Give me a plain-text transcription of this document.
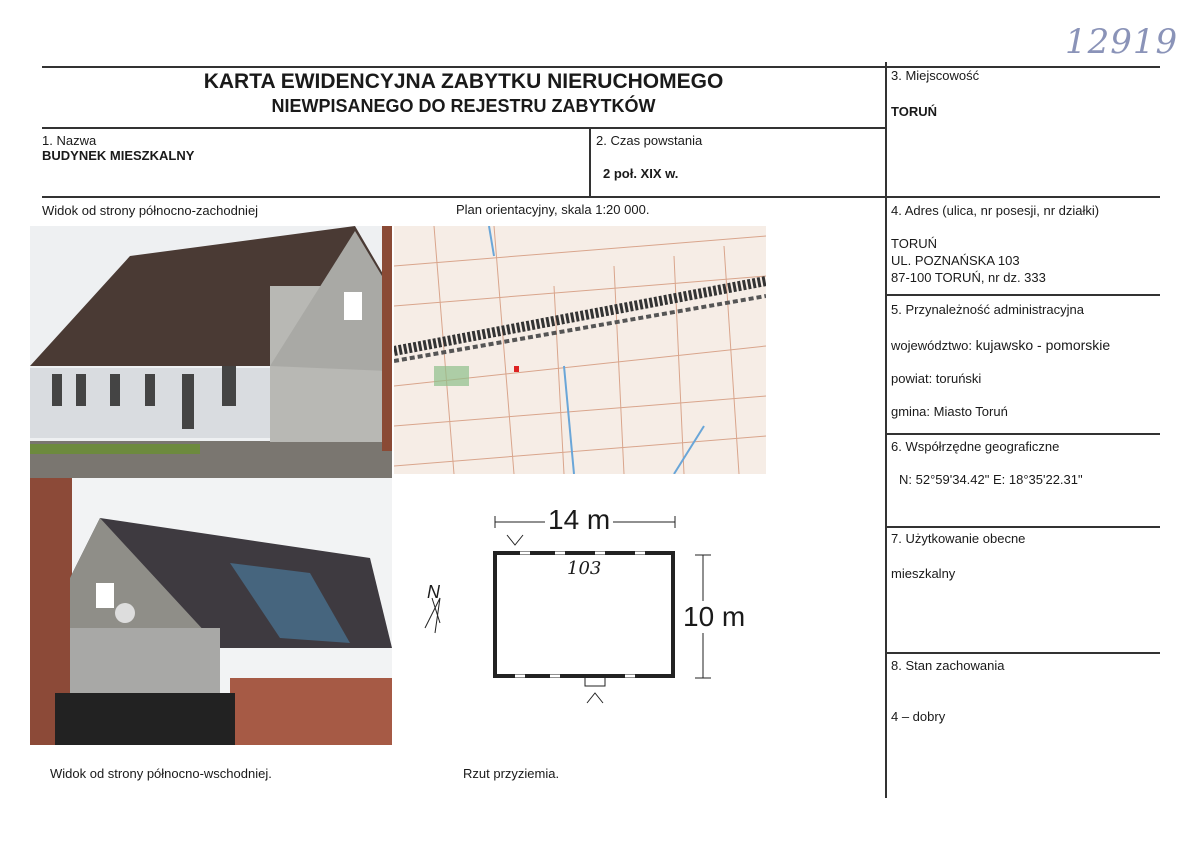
12919
KARTA EWIDENCYJNA ZABYTKU NIERUCHOMEGO
NIEWPISANEGO DO REJESTRU ZABYTKÓW
1. Nazwa
BUDYNEK MIESZKALNY
2. Czas powstania
2 poł. XIX w.
3. Miejscowość
TORUŃ
4. Adres (ulica, nr posesji, nr działki)
TORUŃ
UL. POZNAŃSKA 103
87-100 TORUŃ, nr dz. 333
5. Przynależność administracyjna
województwo: kujawsko - pomorskie
powiat: toruński
gmina: Miasto Toruń
6. Współrzędne geograficzne
N: 52°59'34.42" E: 18°35'22.31"
7. Użytkowanie obecne
mieszkalny
8. Stan zachowania
4 – dobry
Widok od strony północno-zachodniej	Plan orientacyjny, skala 1:20 000.
Widok od strony północno-wschodniej.	Rzut przyziemia.
14 m
10 m
103
N
